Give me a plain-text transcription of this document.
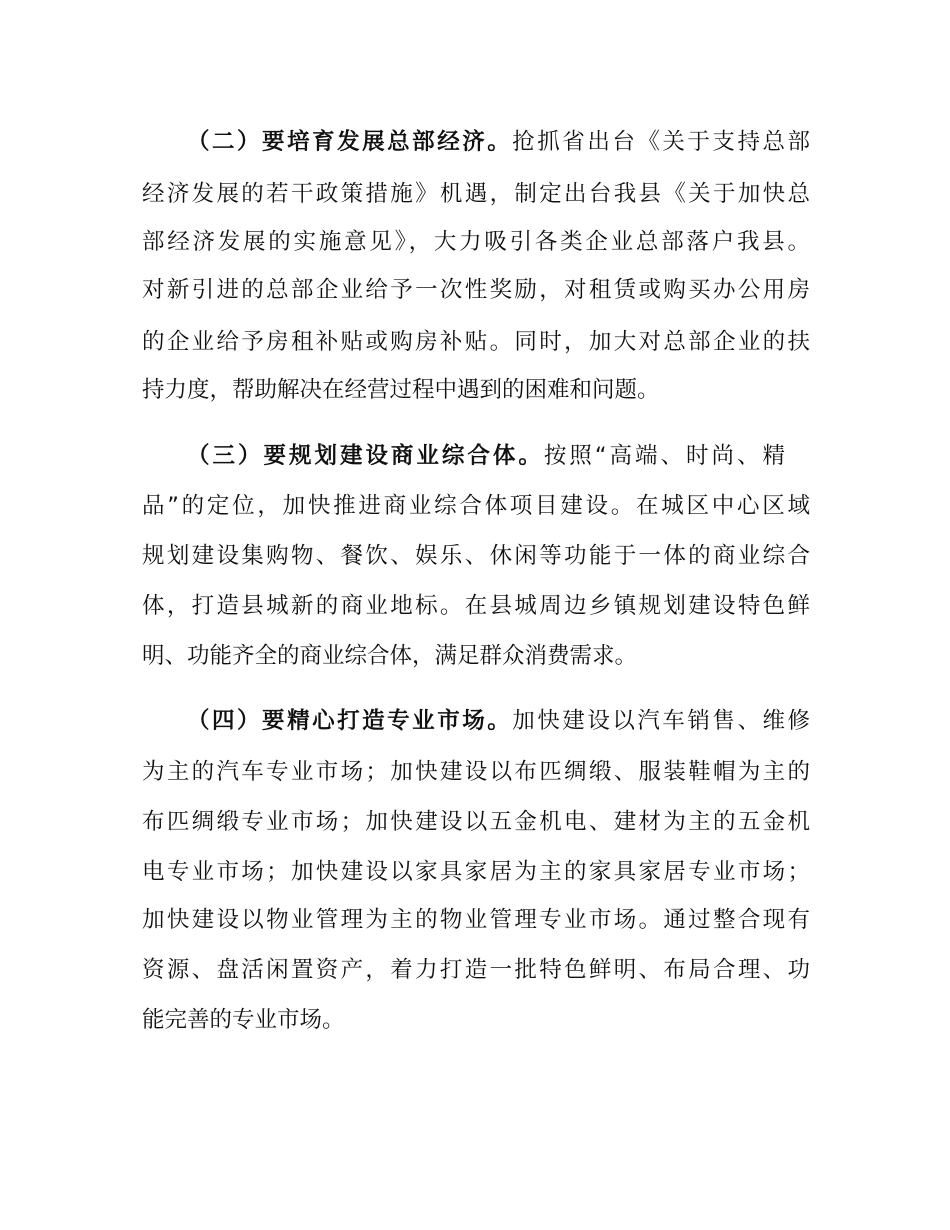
（二）要培育发展总部经济。抢抓省出台《关于支持总部
经济发展的若干政策措施》机遇，制定出台我县《关于加快总
部经济发展的实施意见》，大力吸引各类企业总部落户我县。
对新引进的总部企业给予一次性奖励，对租赁或购买办公用房
的企业给予房租补贴或购房补贴。同时，加大对总部企业的扶
持力度，帮助解决在经营过程中遇到的困难和问题。
（三）要规划建设商业综合体。按照“高端、时尚、精
品”的定位，加快推进商业综合体项目建设。在城区中心区域
规划建设集购物、餐饮、娱乐、休闲等功能于一体的商业综合
体，打造县城新的商业地标。在县城周边乡镇规划建设特色鲜
明、功能齐全的商业综合体，满足群众消费需求。
（四）要精心打造专业市场。加快建设以汽车销售、维修
为主的汽车专业市场；加快建设以布匹绸缎、服装鞋帽为主的
布匹绸缎专业市场；加快建设以五金机电、建材为主的五金机
电专业市场；加快建设以家具家居为主的家具家居专业市场；
加快建设以物业管理为主的物业管理专业市场。通过整合现有
资源、盘活闲置资产，着力打造一批特色鲜明、布局合理、功
能完善的专业市场。
